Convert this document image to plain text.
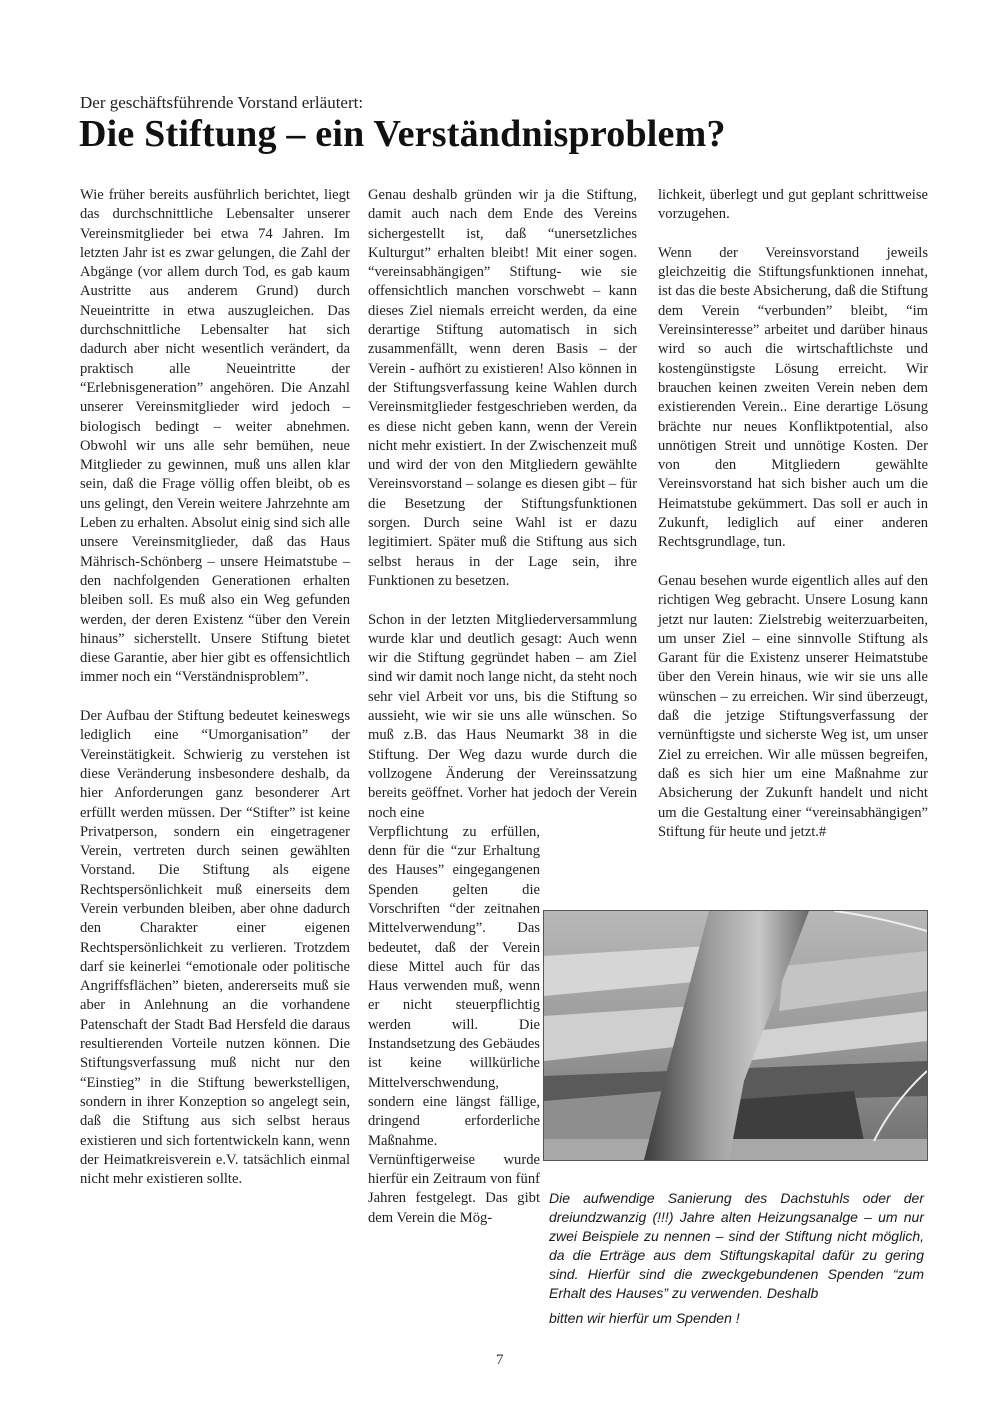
Der geschäftsführende Vorstand erläutert:
Die Stiftung – ein Verständnisproblem?

Wie früher bereits ausführlich berichtet, liegt das durchschnittliche Lebensalter unserer Vereinsmitglieder bei etwa 74 Jahren. Im letzten Jahr ist es zwar gelungen, die Zahl der Abgänge (vor allem durch Tod, es gab kaum Austritte aus anderem Grund) durch Neueintritte in etwa auszugleichen. Das durchschnittliche Lebensalter hat sich dadurch aber nicht wesentlich verändert, da praktisch alle Neueintritte der “Erlebnisgeneration” angehören. Die Anzahl unserer Vereinsmitglieder wird jedoch – biologisch bedingt – weiter abnehmen. Obwohl wir uns alle sehr bemühen, neue Mitglieder zu gewinnen, muß uns allen klar sein, daß die Frage völlig offen bleibt, ob es uns gelingt, den Verein weitere Jahrzehnte am Leben zu erhalten. Absolut einig sind sich alle unsere Vereinsmitglieder, daß das Haus Mährisch-Schönberg – unsere Heimatstube – den nachfolgenden Generationen erhalten bleiben soll. Es muß also ein Weg gefunden werden, der deren Existenz “über den Verein hinaus” sicherstellt. Unsere Stiftung bietet diese Garantie, aber hier gibt es offensichtlich immer noch ein “Verständnisproblem”.

Der Aufbau der Stiftung bedeutet keineswegs lediglich eine “Umorganisation” der Vereinstätigkeit. Schwierig zu verstehen ist diese Veränderung insbesondere deshalb, da hier Anforderungen ganz besonderer Art erfüllt werden müssen. Der “Stifter” ist keine Privatperson, sondern ein eingetragener Verein, vertreten durch seinen gewählten Vorstand. Die Stiftung als eigene Rechtspersönlichkeit muß einerseits dem Verein verbunden bleiben, aber ohne dadurch den Charakter einer eigenen Rechtspersönlichkeit zu verlieren. Trotzdem darf sie keinerlei “emotionale oder politische Angriffsflächen” bieten, andererseits muß sie aber in Anlehnung an die vorhandene Patenschaft der Stadt Bad Hersfeld die daraus resultierenden Vorteile nutzen können. Die Stiftungsverfassung muß nicht nur den “Einstieg” in die Stiftung bewerkstelligen, sondern in ihrer Konzeption so angelegt sein, daß die Stiftung aus sich selbst heraus existieren und sich fortentwickeln kann, wenn der Heimatkreisverein e.V. tatsächlich einmal nicht mehr existieren sollte.

Genau deshalb gründen wir ja die Stiftung, damit auch nach dem Ende des Vereins sichergestellt ist, daß “unersetzliches Kulturgut” erhalten bleibt! Mit einer sogen. “vereinsabhängigen” Stiftung- wie sie offensichtlich manchen vorschwebt – kann dieses Ziel niemals erreicht werden, da eine derartige Stiftung automatisch in sich zusammenfällt, wenn deren Basis – der Verein - aufhört zu existieren! Also können in der Stiftungsverfassung keine Wahlen durch Vereinsmitglieder festgeschrieben werden, da es diese nicht geben kann, wenn der Verein nicht mehr existiert. In der Zwischenzeit muß und wird der von den Mitgliedern gewählte Vereinsvorstand – solange es diesen gibt – für die Besetzung der Stiftungsfunktionen sorgen. Durch seine Wahl ist er dazu legitimiert. Später muß die Stiftung aus sich selbst heraus in der Lage sein, ihre Funktionen zu besetzen.

Schon in der letzten Mitgliederversammlung wurde klar und deutlich gesagt: Auch wenn wir die Stiftung gegründet haben – am Ziel sind wir damit noch lange nicht, da steht noch sehr viel Arbeit vor uns, bis die Stiftung so aussieht, wie wir sie uns alle wünschen. So muß z.B. das Haus Neumarkt 38 in die Stiftung. Der Weg dazu wurde durch die vollzogene Änderung der Vereinssatzung bereits geöffnet. Vorher hat jedoch der Verein noch eine

Verpflichtung zu erfüllen, denn für die “zur Erhaltung des Hauses” eingegangenen Spenden gelten die Vorschriften “der zeitnahen Mittelverwendung”. Das bedeutet, daß der Verein diese Mittel auch für das Haus verwenden muß, wenn er nicht steuerpflichtig werden will. Die Instandsetzung des Gebäudes ist keine willkürliche Mittelverschwendung, sondern eine längst fällige, dringend erforderliche Maßnahme. Vernünftigerweise wurde hierfür ein Zeitraum von fünf Jahren festgelegt. Das gibt dem Verein die Mög-

lichkeit, überlegt und gut geplant schrittweise vorzugehen.

Wenn der Vereinsvorstand jeweils gleichzeitig die Stiftungsfunktionen innehat, ist das die beste Absicherung, daß die Stiftung dem Verein “verbunden” bleibt, “im Vereinsinteresse” arbeitet und darüber hinaus wird so auch die wirtschaftlichste und kostengünstigste Lösung erreicht. Wir brauchen keinen zweiten Verein neben dem existierenden Verein.. Eine derartige Lösung brächte nur neues Konfliktpotential, also unnötigen Streit und unnötige Kosten. Der von den Mitgliedern gewählte Vereinsvorstand hat sich bisher auch um die Heimatstube gekümmert. Das soll er auch in Zukunft, lediglich auf einer anderen Rechtsgrundlage, tun.

Genau besehen wurde eigentlich alles auf den richtigen Weg gebracht. Unsere Losung kann jetzt nur lauten: Zielstrebig weiterzuarbeiten, um unser Ziel – eine sinnvolle Stiftung als Garant für die Existenz unserer Heimatstube über den Verein hinaus, wie wir sie uns alle wünschen – zu erreichen. Wir sind überzeugt, daß die jetzige Stiftungsverfassung der vernünftigste und sicherste Weg ist, um unser Ziel zu erreichen. Wir alle müssen begreifen, daß es sich hier um eine Maßnahme zur Absicherung der Zukunft handelt und nicht um die Gestaltung einer “vereinsabhängigen” Stiftung für heute und jetzt.#

Die aufwendige Sanierung des Dachstuhls oder der dreiundzwanzig (!!!) Jahre alten Heizungsanalge – um nur zwei Beispiele zu nennen – sind der Stiftung nicht möglich, da die Erträge aus dem Stiftungskapital dafür zu gering sind. Hierfür sind die zweckgebundenen Spenden “zum Erhalt des Hauses” zu verwenden. Deshalb
bitten wir hierfür um Spenden !
7
